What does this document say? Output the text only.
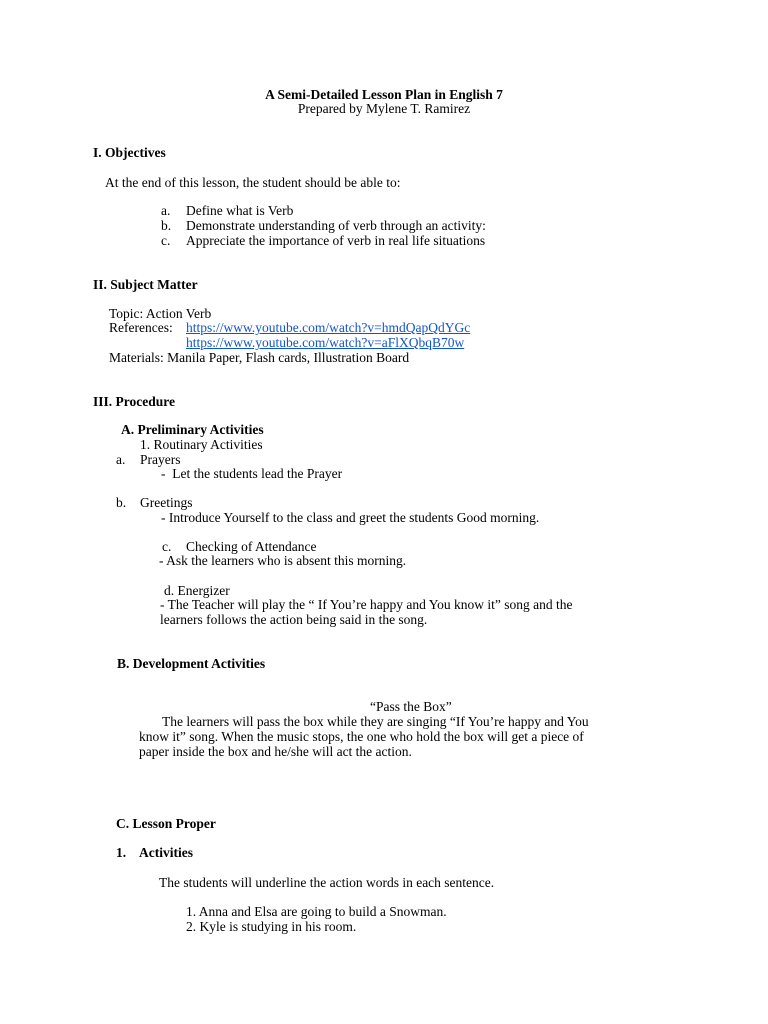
A Semi-Detailed Lesson Plan in English 7
Prepared by Mylene T. Ramirez
I. Objectives
At the end of this lesson, the student should be able to:
a. Define what is Verb
b. Demonstrate understanding of verb through an activity:
c. Appreciate the importance of verb in real life situations
II. Subject Matter
Topic: Action Verb
References: https://www.youtube.com/watch?v=hmdQapQdYGc
https://www.youtube.com/watch?v=aFlXQbqB70w
Materials: Manila Paper, Flash cards, Illustration Board
III. Procedure
A. Preliminary Activities
1. Routinary Activities
a. Prayers
-  Let the students lead the Prayer
b. Greetings
- Introduce Yourself to the class and greet the students Good morning.
c. Checking of Attendance
- Ask the learners who is absent this morning.
d. Energizer
- The Teacher will play the “ If You’re happy and You know it” song and the
learners follows the action being said in the song.
B. Development Activities
“Pass the Box”
The learners will pass the box while they are singing “If You’re happy and You
know it” song. When the music stops, the one who hold the box will get a piece of
paper inside the box and he/she will act the action.
C. Lesson Proper
1. Activities
The students will underline the action words in each sentence.
1. Anna and Elsa are going to build a Snowman.
2. Kyle is studying in his room.
